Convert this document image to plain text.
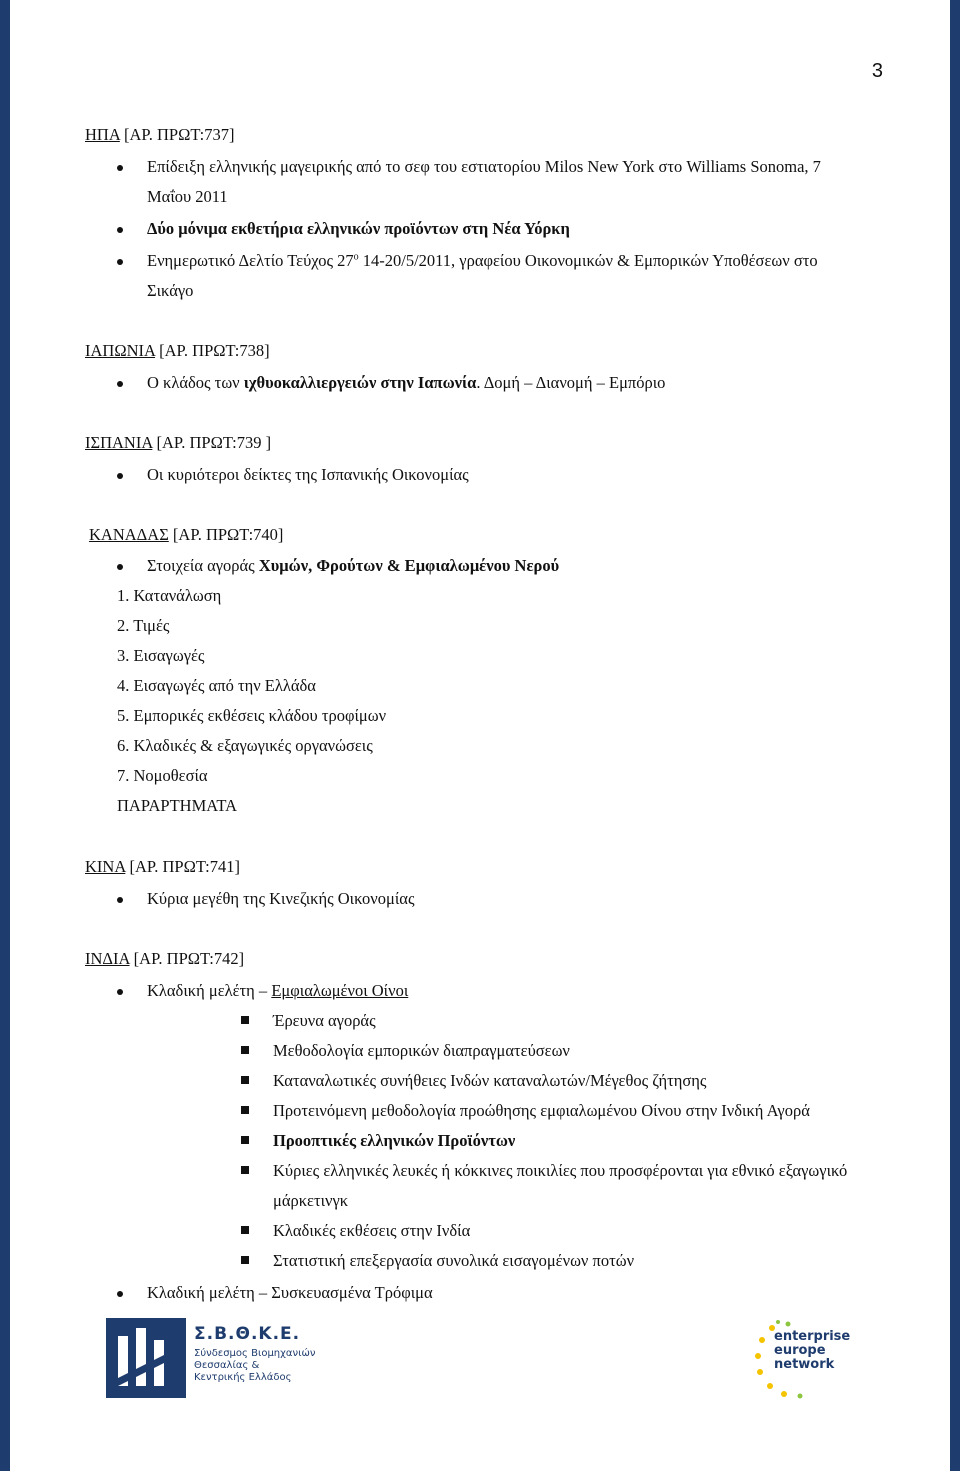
3
ΗΠΑ [ΑΡ. ΠΡΩΤ:737]
Επίδειξη ελληνικής μαγειρικής από το σεφ του εστιατορίου Milos New York στο Williams Sonoma, 7
Μαΐου 2011
Δύο μόνιμα εκθετήρια ελληνικών προϊόντων στη Νέα Υόρκη
Ενημερωτικό Δελτίο Τεύχος $27^o$ 14-20/5/2011, γραφείου Οικονομικών & Εμπορικών Υποθέσεων στο
Σικάγο
ΙΑΠΩΝΙΑ [ΑΡ. ΠΡΩΤ:738]
Ο κλάδος των ιχθυοκαλλιεργειών στην Ιαπωνία. Δομή – Διανομή – Εμπόριο
ΙΣΠΑΝΙΑ [ΑΡ. ΠΡΩΤ:739 ]
Οι κυριότεροι δείκτες της Ισπανικής Οικονομίας
ΚΑΝΑΔΑΣ [ΑΡ. ΠΡΩΤ:740]
Στοιχεία αγοράς Χυμών, Φρούτων & Εμφιαλωμένου Νερού
1. Κατανάλωση
2. Τιμές
3. Εισαγωγές
4. Εισαγωγές από την Ελλάδα
5. Εμπορικές εκθέσεις κλάδου τροφίμων
6. Κλαδικές & εξαγωγικές οργανώσεις
7. Νομοθεσία
ΠΑΡΑΡΤΗΜΑΤΑ
ΚΙΝΑ [ΑΡ. ΠΡΩΤ:741]
Κύρια μεγέθη της Κινεζικής Οικονομίας
ΙΝΔΙΑ [ΑΡ. ΠΡΩΤ:742]
Κλαδική μελέτη – Εμφιαλωμένοι Οίνοι
Έρευνα αγοράς
Μεθοδολογία εμπορικών διαπραγματεύσεων
Καταναλωτικές συνήθειες Ινδών καταναλωτών/Μέγεθος ζήτησης
Προτεινόμενη μεθοδολογία προώθησης εμφιαλωμένου Οίνου στην Ινδική Αγορά
Προοπτικές ελληνικών Προϊόντων
Κύριες ελληνικές λευκές ή κόκκινες ποικιλίες που προσφέρονται για εθνικό εξαγωγικό
μάρκετινγκ
Κλαδικές εκθέσεις στην Ινδία
Στατιστική επεξεργασία συνολικά εισαγομένων ποτών
Κλαδική μελέτη – Συσκευασμένα Τρόφιμα
Σ.Β.Θ.Κ.Ε.
Σύνδεσμος Βιομηχανιών
Θεσσαλίας &
Κεντρικής Ελλάδος
enterprise
europe
network
